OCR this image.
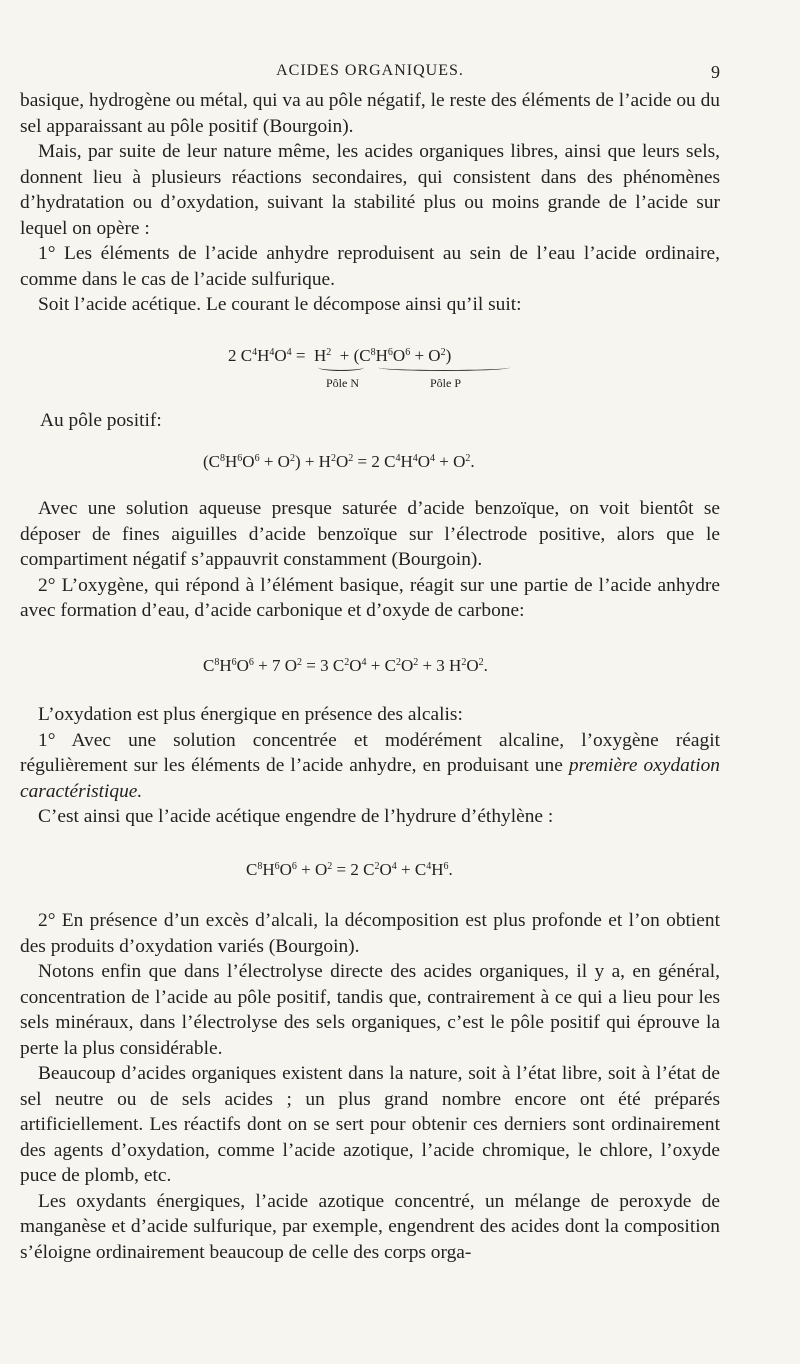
ACIDES ORGANIQUES.	9

basique, hydrogène ou métal, qui va au pôle négatif, le reste des éléments de l’acide ou du sel apparaissant au pôle positif (Bourgoin).

Mais, par suite de leur nature même, les acides organiques libres, ainsi que leurs sels, donnent lieu à plusieurs réactions secondaires, qui consistent dans des phénomènes d’hydratation ou d’oxydation, suivant la stabilité plus ou moins grande de l’acide sur lequel on opère :

1° Les éléments de l’acide anhydre reproduisent au sein de l’eau l’acide ordinaire, comme dans le cas de l’acide sulfurique.

Soit l’acide acétique. Le courant le décompose ainsi qu’il suit:

2 $C^4H^4O^4 = H^2 + (C^8H^6O^6 + O^2)$
Pôle N	Pôle P
Au pôle positif:
$(C^8H^6O^6 + O^2) + H^2O^2 = 2$ $C^4H^4O^4 + O^2$.

Avec une solution aqueuse presque saturée d’acide benzoïque, on voit bientôt se déposer de fines aiguilles d’acide benzoïque sur l’électrode positive, alors que le compartiment négatif s’appauvrit constamment (Bourgoin).

2° L’oxygène, qui répond à l’élément basique, réagit sur une partie de l’acide anhydre avec formation d’eau, d’acide carbonique et d’oxyde de carbone:

$C^8H^6O^6 + 7$ $O^2 = 3$ $C^2O^4 + C^2O^2 + 3$ $H^2O^2$.

L’oxydation est plus énergique en présence des alcalis:

1° Avec une solution concentrée et modérément alcaline, l’oxygène réagit régulièrement sur les éléments de l’acide anhydre, en produisant une première oxydation caractéristique.

C’est ainsi que l’acide acétique engendre de l’hydrure d’éthylène :

$C^8H^6O^6 + O^2 = 2$ $C^2O^4 + C^4H^6$.

2° En présence d’un excès d’alcali, la décomposition est plus profonde et l’on obtient des produits d’oxydation variés (Bourgoin).

Notons enfin que dans l’électrolyse directe des acides organiques, il y a, en général, concentration de l’acide au pôle positif, tandis que, contrairement à ce qui a lieu pour les sels minéraux, dans l’électrolyse des sels organiques, c’est le pôle positif qui éprouve la perte la plus considérable.

Beaucoup d’acides organiques existent dans la nature, soit à l’état libre, soit à l’état de sel neutre ou de sels acides ; un plus grand nombre encore ont été préparés artificiellement. Les réactifs dont on se sert pour obtenir ces derniers sont ordinairement des agents d’oxydation, comme l’acide azotique, l’acide chromique, le chlore, l’oxyde puce de plomb, etc.

Les oxydants énergiques, l’acide azotique concentré, un mélange de peroxyde de manganèse et d’acide sulfurique, par exemple, engendrent des acides dont la composition s’éloigne ordinairement beaucoup de celle des corps orga-
